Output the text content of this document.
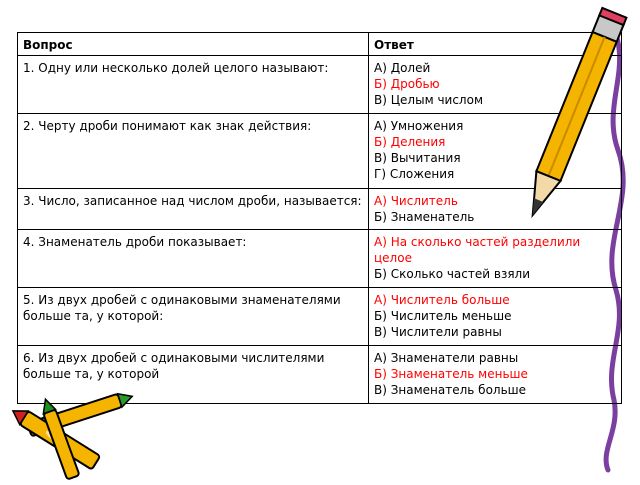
Вопрос	Ответ
1. Одну или несколько долей целого называют:	А) Долей
Б) Дробью
В) Целым числом

2. Черту дроби понимают как знак действия:	А) Умножения
Б) Деления
В) Вычитания
Г) Сложения

3. Число, записанное над числом дроби, называется:	А) Числитель
Б) Знаменатель

4. Знаменатель дроби показывает:	А) На сколько частей разделили целое
Б) Сколько частей взяли

5. Из двух дробей с одинаковыми знаменателями больше та, у которой:	А) Числитель больше
Б) Числитель меньше
В) Числители равны

6. Из двух дробей с одинаковыми числителями больше та, у которой	А) Знаменатели равны
Б) Знаменатель меньше
В) Знаменатель больше
